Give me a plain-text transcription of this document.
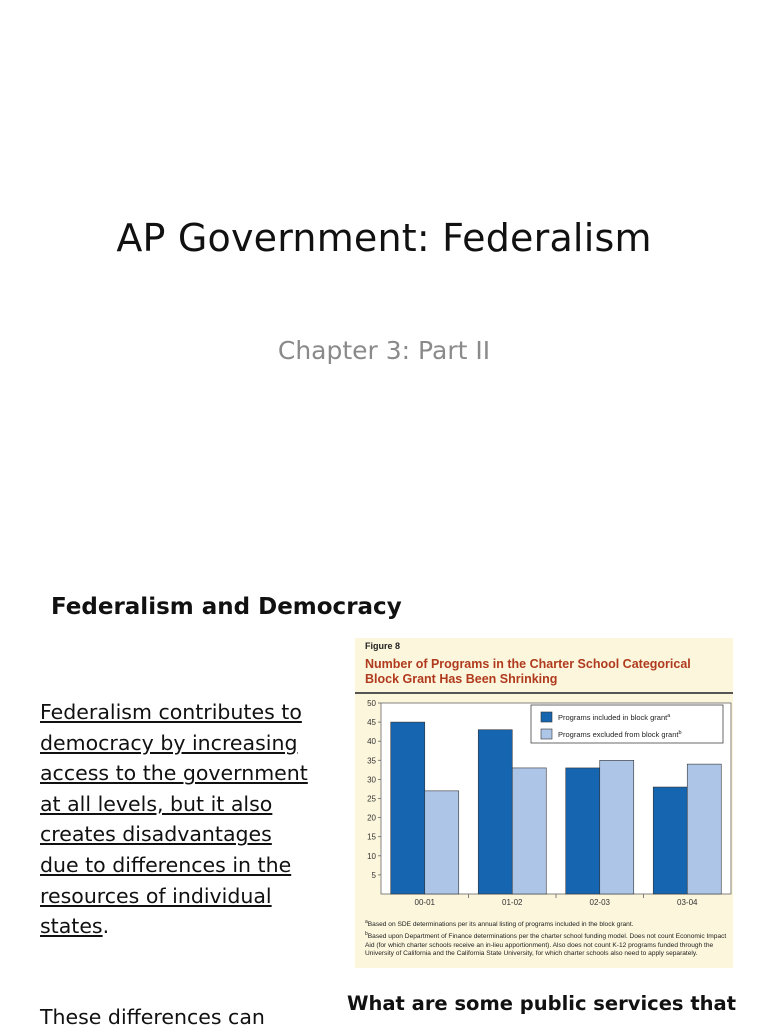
AP Government: Federalism
Chapter 3: Part II
Federalism and Democracy
Federalism contributes to democracy by increasing access to the government at all levels, but it also creates disadvantages due to differences in the resources of individual states.
These differences can
Figure 8
Number of Programs in the Charter School Categorical Block Grant Has Been Shrinking
5
10
15
20
25
30
35
40
45
50
00-01	01-02	02-03	03-04
Programs included in block grant$^a$
Programs excluded from block grant$^b$
$^a$Based on SDE determinations per its annual listing of programs included in the block grant.
$^b$Based upon Department of Finance determinations per the charter school funding model. Does not count Economic Impact Aid (for which charter schools receive an in-lieu apportionment). Also does not count K-12 programs funded through the University of California and the California State University, for which charter schools also need to apply separately.
What are some public services that
